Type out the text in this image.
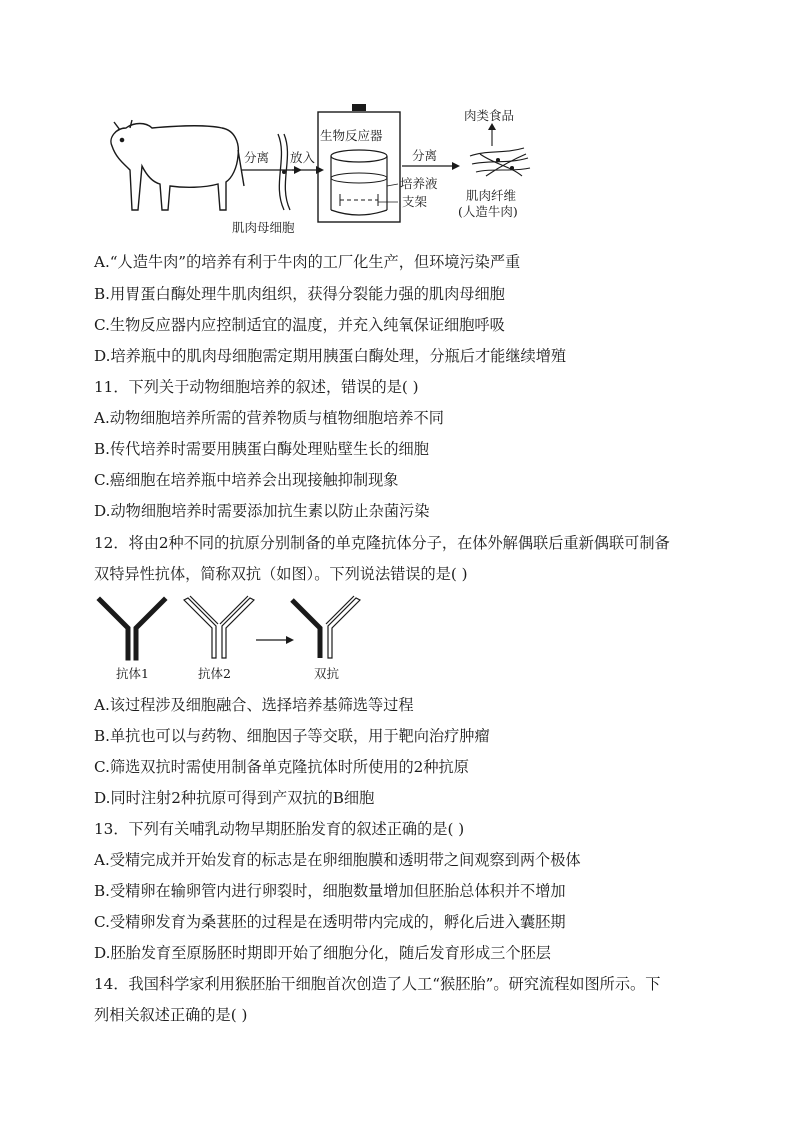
分离
肌肉母细胞
放入
生物反应器
培养液
支架
分离
肉类食品
肌肉纤维
(人造牛肉)
A.“人造牛肉”的培养有利于牛肉的工厂化生产，但环境污染严重
B.用胃蛋白酶处理牛肌肉组织，获得分裂能力强的肌肉母细胞
C.生物反应器内应控制适宜的温度，并充入纯氧保证细胞呼吸
D.培养瓶中的肌肉母细胞需定期用胰蛋白酶处理，分瓶后才能继续增殖
11．下列关于动物细胞培养的叙述，错误的是( )
A.动物细胞培养所需的营养物质与植物细胞培养不同
B.传代培养时需要用胰蛋白酶处理贴壁生长的细胞
C.癌细胞在培养瓶中培养会出现接触抑制现象
D.动物细胞培养时需要添加抗生素以防止杂菌污染
12．将由2种不同的抗原分别制备的单克隆抗体分子，在体外解偶联后重新偶联可制备
双特异性抗体，简称双抗（如图）。下列说法错误的是( )
抗体1	抗体2	双抗
A.该过程涉及细胞融合、选择培养基筛选等过程
B.单抗也可以与药物、细胞因子等交联，用于靶向治疗肿瘤
C.筛选双抗时需使用制备单克隆抗体时所使用的2种抗原
D.同时注射2种抗原可得到产双抗的B细胞
13．下列有关哺乳动物早期胚胎发育的叙述正确的是( )
A.受精完成并开始发育的标志是在卵细胞膜和透明带之间观察到两个极体
B.受精卵在输卵管内进行卵裂时，细胞数量增加但胚胎总体积并不增加
C.受精卵发育为桑葚胚的过程是在透明带内完成的，孵化后进入囊胚期
D.胚胎发育至原肠胚时期即开始了细胞分化，随后发育形成三个胚层
14．我国科学家利用猴胚胎干细胞首次创造了人工“猴胚胎”。研究流程如图所示。下
列相关叙述正确的是( )
